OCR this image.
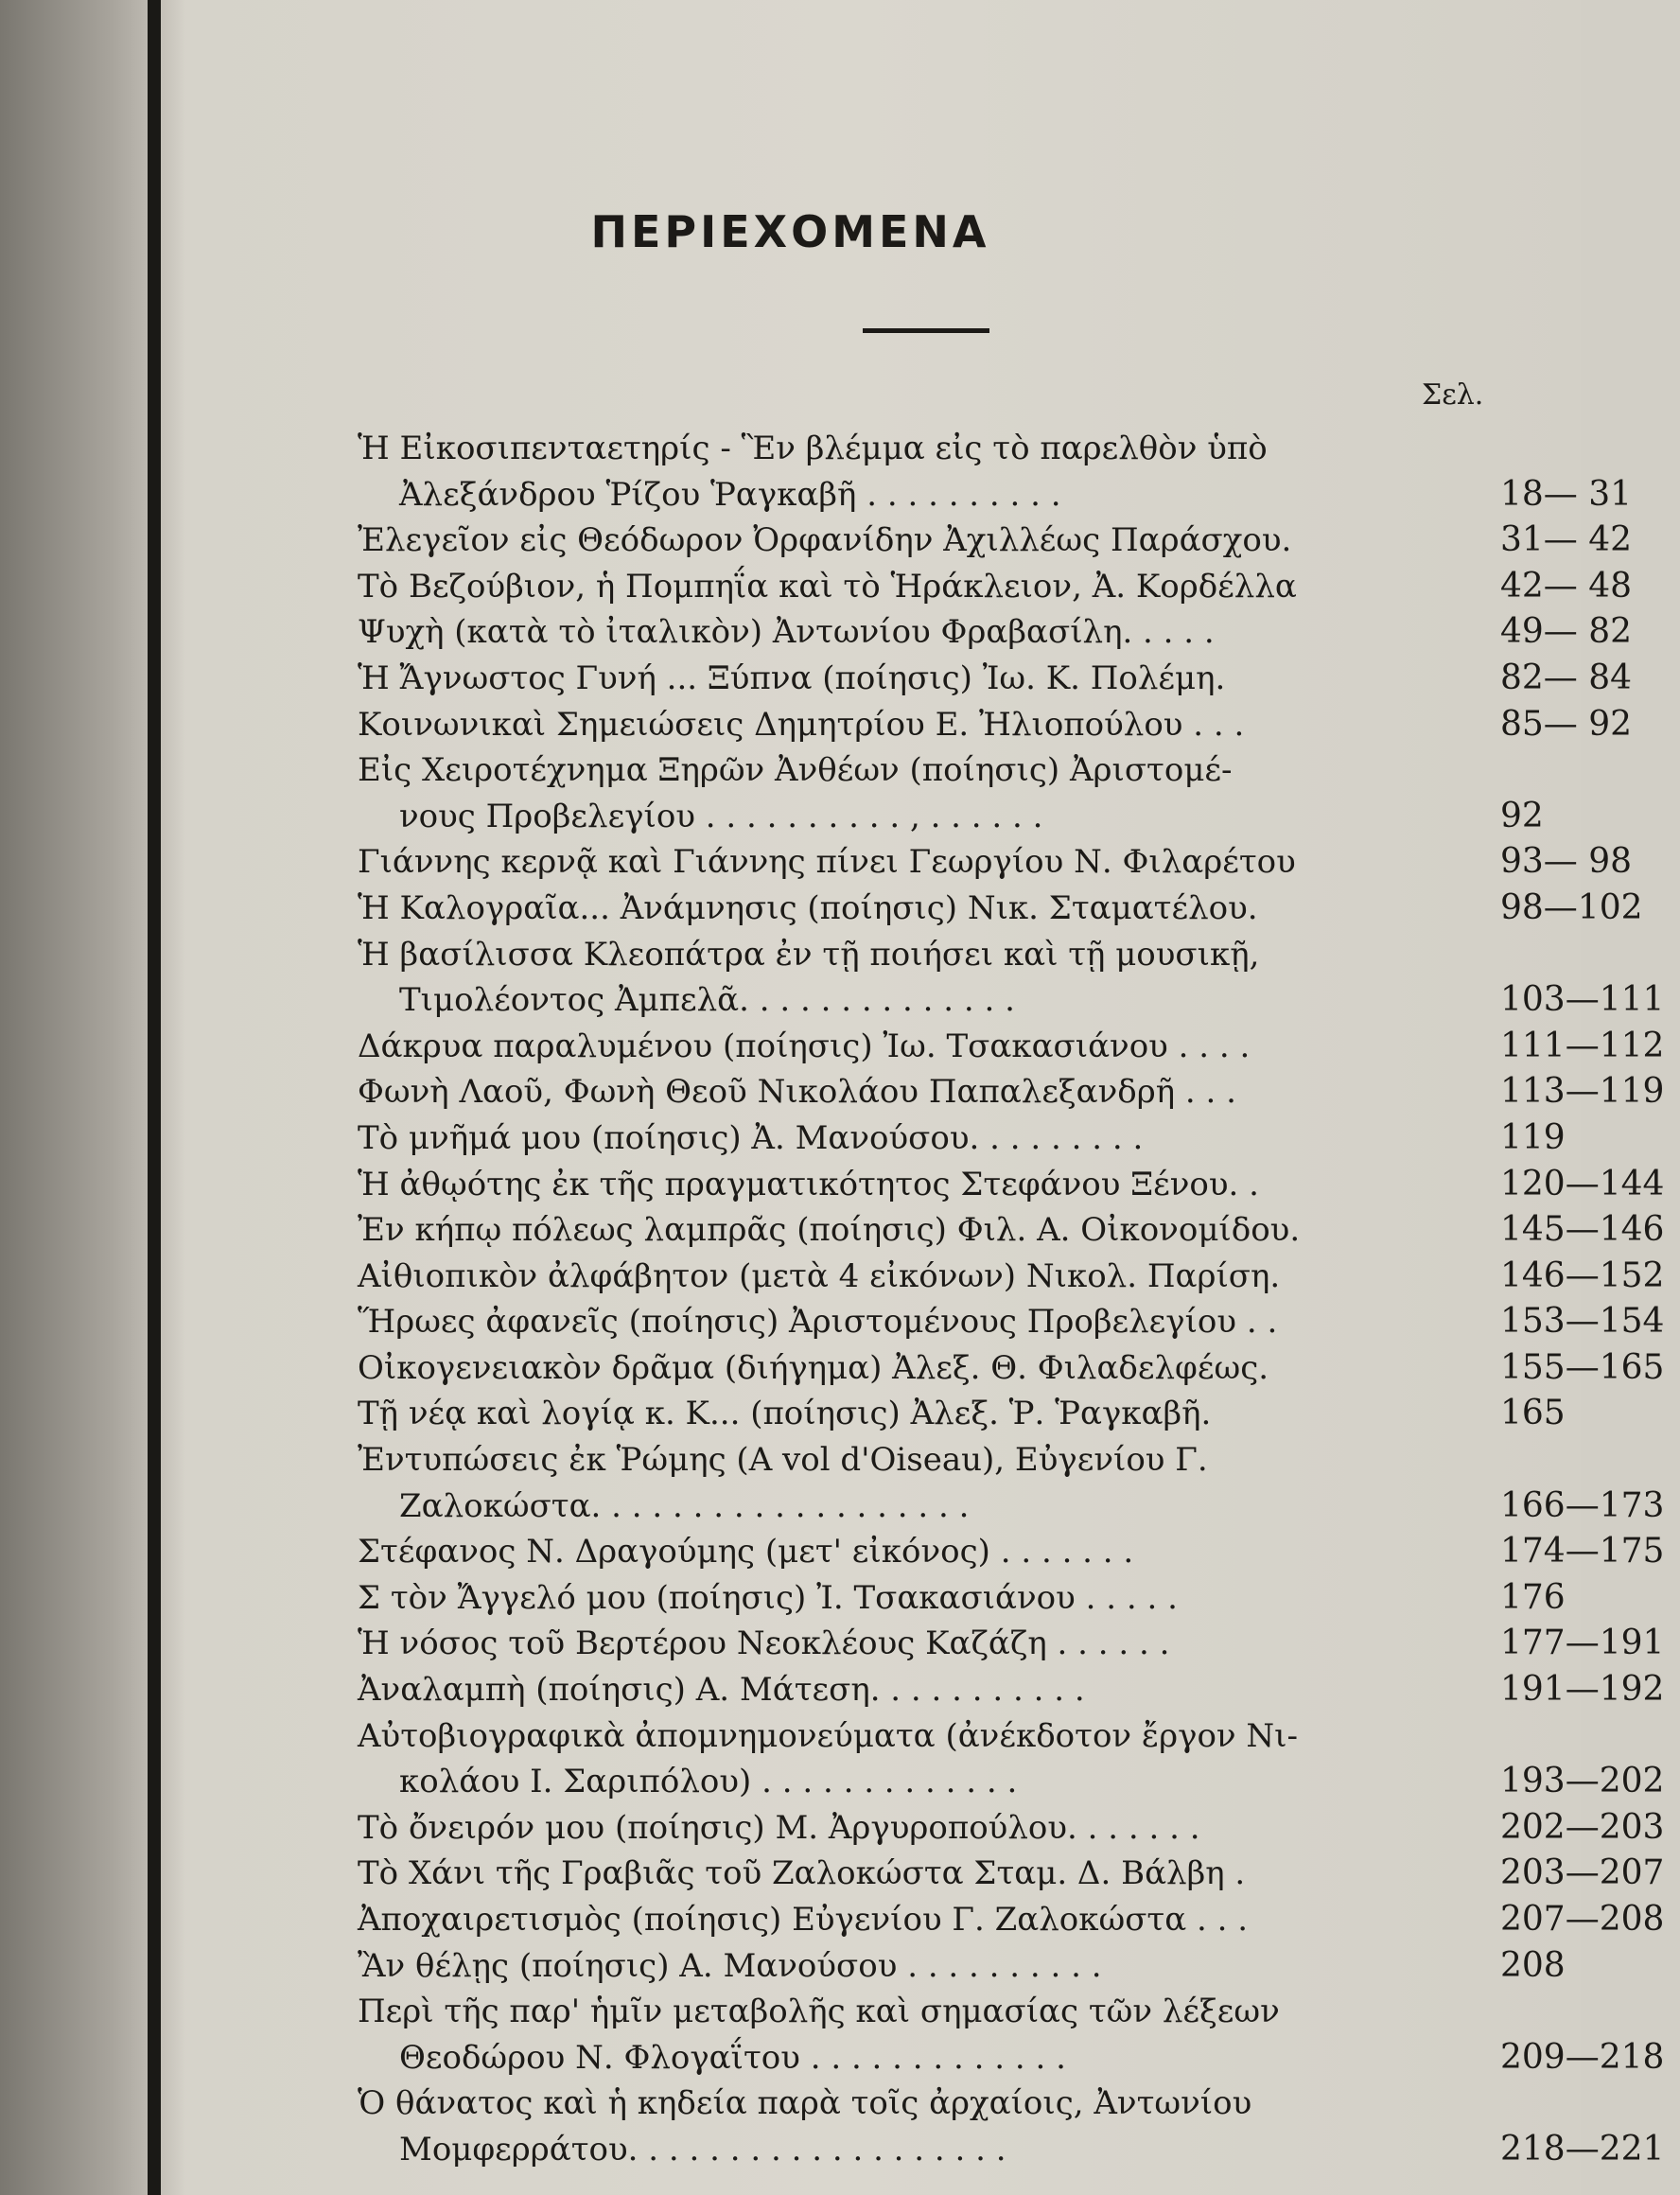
ΠΕΡΙΕΧΟΜΕΝΑ
Σελ.
Ἡ Εἰκοσιπενταετηρίς - Ἓν βλέμμα εἰς τὸ παρελθὸν ὑπὸ
Ἀλεξάνδρου Ῥίζου Ῥαγκαβῆ . . . . . . . . . .	18— 31
Ἐλεγεῖον εἰς Θεόδωρον Ὀρφανίδην Ἀχιλλέως Παράσχου.	31— 42
Τὸ Βεζούβιον, ἡ Πομπηΐα καὶ τὸ Ἡράκλειον, Ἀ. Κορδέλλα	42— 48
Ψυχὴ (κατὰ τὸ ἰταλικὸν) Ἀντωνίου Φραβασίλη. . . . .	49— 82
Ἡ Ἄγνωστος Γυνή ... Ξύπνα (ποίησις) Ἰω. Κ. Πολέμη.	82— 84
Κοινωνικαὶ Σημειώσεις Δημητρίου Ε. Ἠλιοπούλου . . .	85— 92
Εἰς Χειροτέχνημα Ξηρῶν Ἀνθέων (ποίησις) Ἀριστομέ-
νους Προβελεγίου . . . . . . . . . . , . . . . . .	92
Γιάννης κερνᾷ καὶ Γιάννης πίνει Γεωργίου Ν. Φιλαρέτου	93— 98
Ἡ Καλογραῖα... Ἀνάμνησις (ποίησις) Νικ. Σταματέλου.	98—102
Ἡ βασίλισσα Κλεοπάτρα ἐν τῇ ποιήσει καὶ τῇ μουσικῇ,
Τιμολέοντος Ἀμπελᾶ. . . . . . . . . . . . . .	103—111
Δάκρυα παραλυμένου (ποίησις) Ἰω. Τσακασιάνου . . . .	111—112
Φωνὴ Λαοῦ, Φωνὴ Θεοῦ Νικολάου Παπαλεξανδρῆ . . .	113—119
Τὸ μνῆμά μου (ποίησις) Ἀ. Μανούσου. . . . . . . . .	119
Ἡ ἀθῳότης ἐκ τῆς πραγματικότητος Στεφάνου Ξένου. .	120—144
Ἐν κήπῳ πόλεως λαμπρᾶς (ποίησις) Φιλ. Α. Οἰκονομίδου.	145—146
Αἰθιοπικὸν ἀλφάβητον (μετὰ 4 εἰκόνων) Νικολ. Παρίση.	146—152
Ἥρωες ἀφανεῖς (ποίησις) Ἀριστομένους Προβελεγίου . .	153—154
Οἰκογενειακὸν δρᾶμα (διήγημα) Ἀλεξ. Θ. Φιλαδελφέως.	155—165
Τῇ νέᾳ καὶ λογίᾳ κ. Κ... (ποίησις) Ἀλεξ. Ῥ. Ῥαγκαβῆ.	165
Ἐντυπώσεις ἐκ Ῥώμης (A vol d'Oiseau), Εὐγενίου Γ.
Ζαλοκώστα. . . . . . . . . . . . . . . . . . .	166—173
Στέφανος Ν. Δραγούμης (μετ' εἰκόνος) . . . . . . .	174—175
Σ τὸν Ἄγγελό μου (ποίησις) Ἰ. Τσακασιάνου . . . . .	176
Ἡ νόσος τοῦ Βερτέρου Νεοκλέους Καζάζη . . . . . .	177—191
Ἀναλαμπὴ (ποίησις) Α. Μάτεση. . . . . . . . . . .	191—192
Αὐτοβιογραφικὰ ἀπομνημονεύματα (ἀνέκδοτον ἔργον Νι-
κολάου Ι. Σαριπόλου) . . . . . . . . . . . . .	193—202
Τὸ ὄνειρόν μου (ποίησις) Μ. Ἀργυροπούλου. . . . . . .	202—203
Τὸ Χάνι τῆς Γραβιᾶς τοῦ Ζαλοκώστα Σταμ. Δ. Βάλβη .	203—207
Ἀποχαιρετισμὸς (ποίησις) Εὐγενίου Γ. Ζαλοκώστα . . .	207—208
Ἂν θέλῃς (ποίησις) Α. Μανούσου . . . . . . . . . .	208
Περὶ τῆς παρ' ἡμῖν μεταβολῆς καὶ σημασίας τῶν λέξεων
Θεοδώρου Ν. Φλογαΐτου . . . . . . . . . . . . .	209—218
Ὁ θάνατος καὶ ἡ κηδεία παρὰ τοῖς ἀρχαίοις, Ἀντωνίου
Μομφερράτου. . . . . . . . . . . . . . . . . . .	218—221
